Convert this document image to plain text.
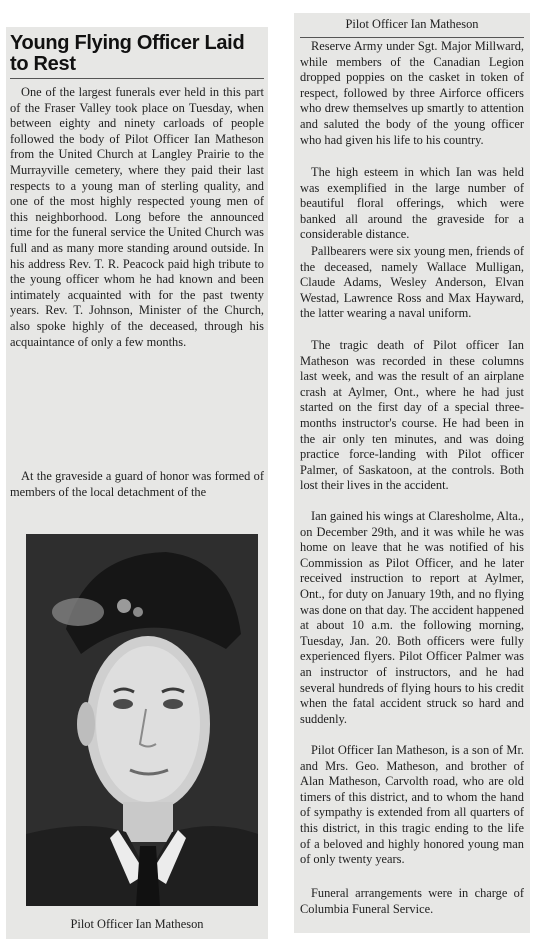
Young Flying Officer Laid to Rest

One of the largest funerals ever held in this part of the Fraser Valley took place on Tuesday, when between eighty and ninety carloads of people followed the body of Pilot Officer Ian Matheson from the United Church at Langley Prairie to the Murrayville cemetery, where they paid their last respects to a young man of sterling quality, and one of the most highly respected young men of this neighborhood. Long before the announced time for the funeral service the United Church was full and as many more standing around outside. In his address Rev. T. R. Peacock paid high tribute to the young officer whom he had known and been intimately acquainted with for the past twenty years. Rev. T. Johnson, Minister of the Church, also spoke highly of the deceased, through his acquaintance of only a few months.

At the graveside a guard of honor was formed of members of the local detachment of the

Pilot Officer Ian Matheson
Pilot Officer Ian Matheson

Reserve Army under Sgt. Major Millward, while members of the Canadian Legion dropped poppies on the casket in token of respect, followed by three Airforce officers who drew themselves up smartly to attention and saluted the body of the young officer who had given his life to his country.

The high esteem in which Ian was held was exemplified in the large number of beautiful floral offerings, which were banked all around the graveside for a considerable distance.

Pallbearers were six young men, friends of the deceased, namely Wallace Mulligan, Claude Adams, Wesley Anderson, Elvan Westad, Lawrence Ross and Max Hayward, the latter wearing a naval uniform.

The tragic death of Pilot officer Ian Matheson was recorded in these columns last week, and was the result of an airplane crash at Aylmer, Ont., where he had just started on the first day of a special three-months instructor's course. He had been in the air only ten minutes, and was doing practice force-landing with Pilot officer Palmer, of Saskatoon, at the controls. Both lost their lives in the accident.

Ian gained his wings at Claresholme, Alta., on December 29th, and it was while he was home on leave that he was notified of his Commission as Pilot Officer, and he later received instruction to report at Aylmer, Ont., for duty on January 19th, and no flying was done on that day. The accident happened at about 10 a.m. the following morning, Tuesday, Jan. 20. Both officers were fully experienced flyers. Pilot Officer Palmer was an instructor of instructors, and he had several hundreds of flying hours to his credit when the fatal accident struck so hard and suddenly.

Pilot Officer Ian Matheson, is a son of Mr. and Mrs. Geo. Matheson, and brother of Alan Matheson, Carvolth road, who are old timers of this district, and to whom the hand of sympathy is extended from all quarters of this district, in this tragic ending to the life of a beloved and highly honored young man of only twenty years.

Funeral arrangements were in charge of Columbia Funeral Service.
